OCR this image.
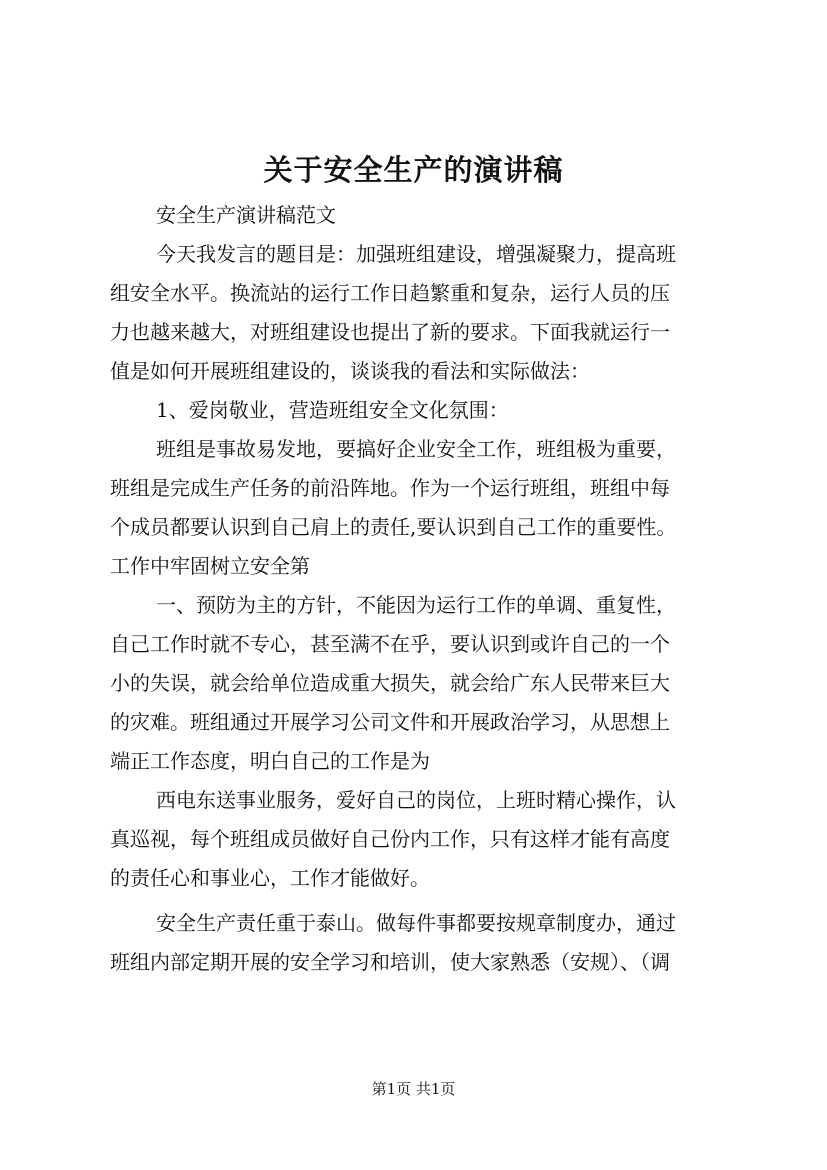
关于安全生产的演讲稿
安全生产演讲稿范文
今天我发言的题目是：加强班组建设，增强凝聚力，提高班
组安全水平。换流站的运行工作日趋繁重和复杂，运行人员的压
力也越来越大，对班组建设也提出了新的要求。下面我就运行一
值是如何开展班组建设的，谈谈我的看法和实际做法：
1、爱岗敬业，营造班组安全文化氛围：
班组是事故易发地，要搞好企业安全工作，班组极为重要，
班组是完成生产任务的前沿阵地。作为一个运行班组，班组中每
个成员都要认识到自己肩上的责任,要认识到自己工作的重要性。
工作中牢固树立安全第
一、预防为主的方针，不能因为运行工作的单调、重复性，
自己工作时就不专心，甚至满不在乎，要认识到或许自己的一个
小的失误，就会给单位造成重大损失，就会给广东人民带来巨大
的灾难。班组通过开展学习公司文件和开展政治学习，从思想上
端正工作态度，明白自己的工作是为
西电东送事业服务，爱好自己的岗位，上班时精心操作，认
真巡视，每个班组成员做好自己份内工作，只有这样才能有高度
的责任心和事业心，工作才能做好。
安全生产责任重于泰山。做每件事都要按规章制度办，通过
班组内部定期开展的安全学习和培训，使大家熟悉（安规）、（调
第1页 共1页
